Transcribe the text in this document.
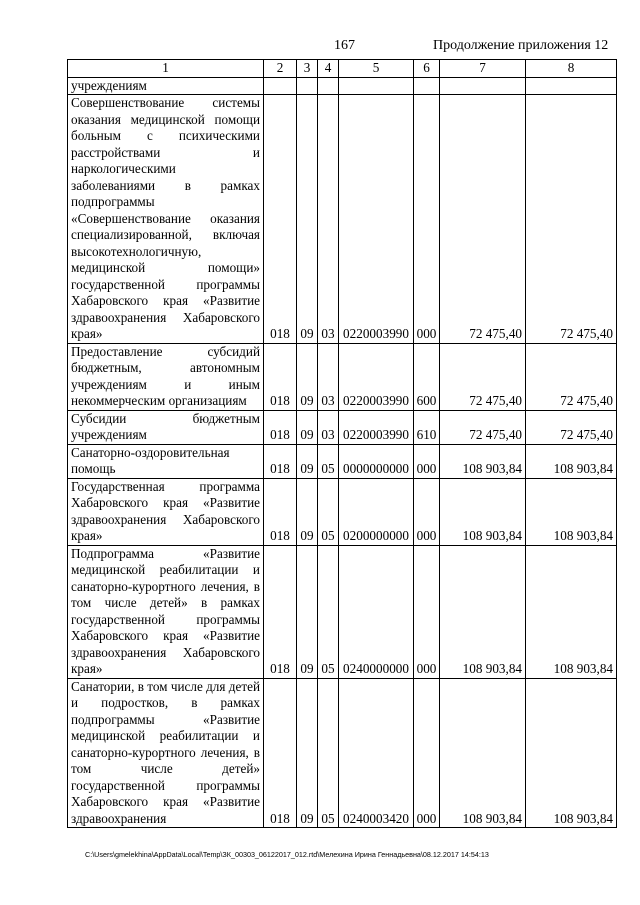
167	Продолжение приложения 12
1	2	3	4	5	6	7	8
учреждениям							
Совершенствование системы оказания медицинской помощи больным с психическими расстройствами и наркологическими заболеваниями в рамках подпрограммы «Совершенствование оказания специализированной, включая высокотехнологичную, медицинской помощи» государственной программы Хабаровского края «Развитие здравоохранения Хабаровского края»	018	09	03	0220003990	000	72 475,40	72 475,40
Предоставление субсидий бюджетным, автономным учреждениям и иным некоммерческим организациям	018	09	03	0220003990	600	72 475,40	72 475,40
Субсидии бюджетным учреждениям	018	09	03	0220003990	610	72 475,40	72 475,40
Санаторно-оздоровительная помощь	018	09	05	0000000000	000	108 903,84	108 903,84
Государственная программа Хабаровского края «Развитие здравоохранения Хабаровского края»	018	09	05	0200000000	000	108 903,84	108 903,84
Подпрограмма «Развитие медицинской реабилитации и санаторно-курортного лечения, в том числе детей» в рамках государственной программы Хабаровского края «Развитие здравоохранения Хабаровского края»	018	09	05	0240000000	000	108 903,84	108 903,84
Санатории, в том числе для детей и подростков, в рамках подпрограммы «Развитие медицинской реабилитации и санаторно-курортного лечения, в том числе детей» государственной программы Хабаровского края «Развитие здравоохранения	018	09	05	0240003420	000	108 903,84	108 903,84
C:\Users\gmelekhina\AppData\Local\Temp\ЗК_00303_06122017_012.rtd\Мелехина Ирина Геннадьевна\08.12.2017 14:54:13
